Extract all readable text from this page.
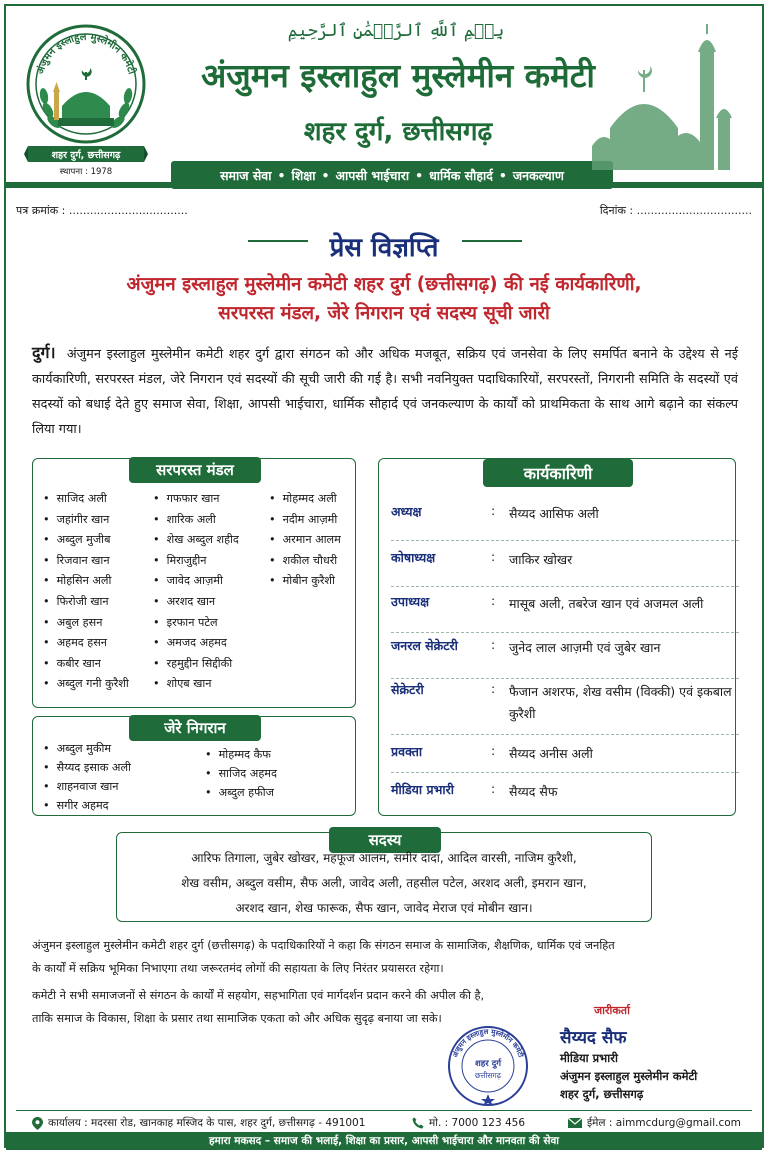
अंजुमन इस्लाहुल मुस्लेमीन कमेटी
शहर दुर्ग, छत्तीसगढ़
स्थापना : 1978
بِسۡمِ ٱللَّهِ ٱلرَّحۡمَٰنِ ٱلرَّحِيمِ
अंजुमन इस्लाहुल मुस्लेमीन कमेटी
शहर दुर्ग, छत्तीसगढ़
समाज सेवा • शिक्षा • आपसी भाईचारा • धार्मिक सौहार्द • जनकल्याण
पत्र क्रमांक : ..................................	दिनांक : .................................
प्रेस विज्ञप्ति
अंजुमन इस्लाहुल मुस्लेमीन कमेटी शहर दुर्ग (छत्तीसगढ़) की नई कार्यकारिणी,
सरपरस्त मंडल, जेरे निगरान एवं सदस्य सूची जारी
दुर्ग। अंजुमन इस्लाहुल मुस्लेमीन कमेटी शहर दुर्ग द्वारा संगठन को और अधिक मजबूत, सक्रिय एवं जनसेवा के लिए समर्पित बनाने के उद्देश्य से नई कार्यकारिणी, सरपरस्त मंडल, जेरे निगरान एवं सदस्यों की सूची जारी की गई है। सभी नवनियुक्त पदाधिकारियों, सरपरस्तों, निगरानी समिति के सदस्यों एवं सदस्यों को बधाई देते हुए समाज सेवा, शिक्षा, आपसी भाईचारा, धार्मिक सौहार्द एवं जनकल्याण के कार्यों को प्राथमिकता के साथ आगे बढ़ाने का संकल्प लिया गया।
सरपरस्त मंडल
• साजिद अली
• जहांगीर खान
• अब्दुल मुजीब
• रिजवान खान
• मोहसिन अली
• फिरोजी खान
• अबुल हसन
• अहमद हसन
• कबीर खान
• अब्दुल गनी कुरैशी
• गफफार खान
• शारिक अली
• शेख अब्दुल शहीद
• मिराजुद्दीन
• जावेद आज़मी
• अरशद खान
• इरफान पटेल
• अमजद अहमद
• रहमुद्दीन सिद्दीकी
• शोएब खान
• मोहम्मद अली
• नदीम आज़मी
• अरमान आलम
• शकील चौधरी
• मोबीन कुरैशी
जेरे निगरान
• अब्दुल मुकीम
• सैय्यद इसाक अली
• शाहनवाज खान
• सगीर अहमद
• मोहम्मद कैफ
• साजिद अहमद
• अब्दुल हफीज
कार्यकारिणी
अध्यक्ष	: सैय्यद आसिफ अली
कोषाध्यक्ष	: जाकिर खोखर
उपाध्यक्ष	: मासूब अली, तबरेज खान एवं अजमल अली
जनरल सेक्रेटरी	: जुनेद लाल आज़मी एवं जुबेर खान
सेक्रेटरी	: फैजान अशरफ, शेख वसीम (विक्की) एवं इकबाल कुरैशी
प्रवक्ता	: सैय्यद अनीस अली
मीडिया प्रभारी	: सैय्यद सैफ
सदस्य
आरिफ तिगाला, जुबेर खोखर, महफूज आलम, समीर दादा, आदिल वारसी, नाजिम कुरैशी,
शेख वसीम, अब्दुल वसीम, सैफ अली, जावेद अली, तहसील पटेल, अरशद अली, इमरान खान,
अरशद खान, शेख फारूक, सैफ खान, जावेद मेराज एवं मोबीन खान।
अंजुमन इस्लाहुल मुस्लेमीन कमेटी शहर दुर्ग (छत्तीसगढ़) के पदाधिकारियों ने कहा कि संगठन समाज के सामाजिक, शैक्षणिक, धार्मिक एवं जनहित
के कार्यों में सक्रिय भूमिका निभाएगा तथा जरूरतमंद लोगों की सहायता के लिए निरंतर प्रयासरत रहेगा।
कमेटी ने सभी समाजजनों से संगठन के कार्यों में सहयोग, सहभागिता एवं मार्गदर्शन प्रदान करने की अपील की है,
ताकि समाज के विकास, शिक्षा के प्रसार तथा सामाजिक एकता को और अधिक सुदृढ़ बनाया जा सके।
अंजुमन इस्लाहुल मुस्लेमीन कमेटी
शहर दुर्ग
छत्तीसगढ़
जारीकर्ता
सैय्यद सैफ
मीडिया प्रभारी
अंजुमन इस्लाहुल मुस्लेमीन कमेटी
शहर दुर्ग, छत्तीसगढ़
कार्यालय : मदरसा रोड, खानकाह मस्जिद के पास, शहर दुर्ग, छत्तीसगढ़ - 491001	मो. : 7000 123 456	ईमेल : aimmcdurg@gmail.com
हमारा मकसद – समाज की भलाई, शिक्षा का प्रसार, आपसी भाईचारा और मानवता की सेवा
